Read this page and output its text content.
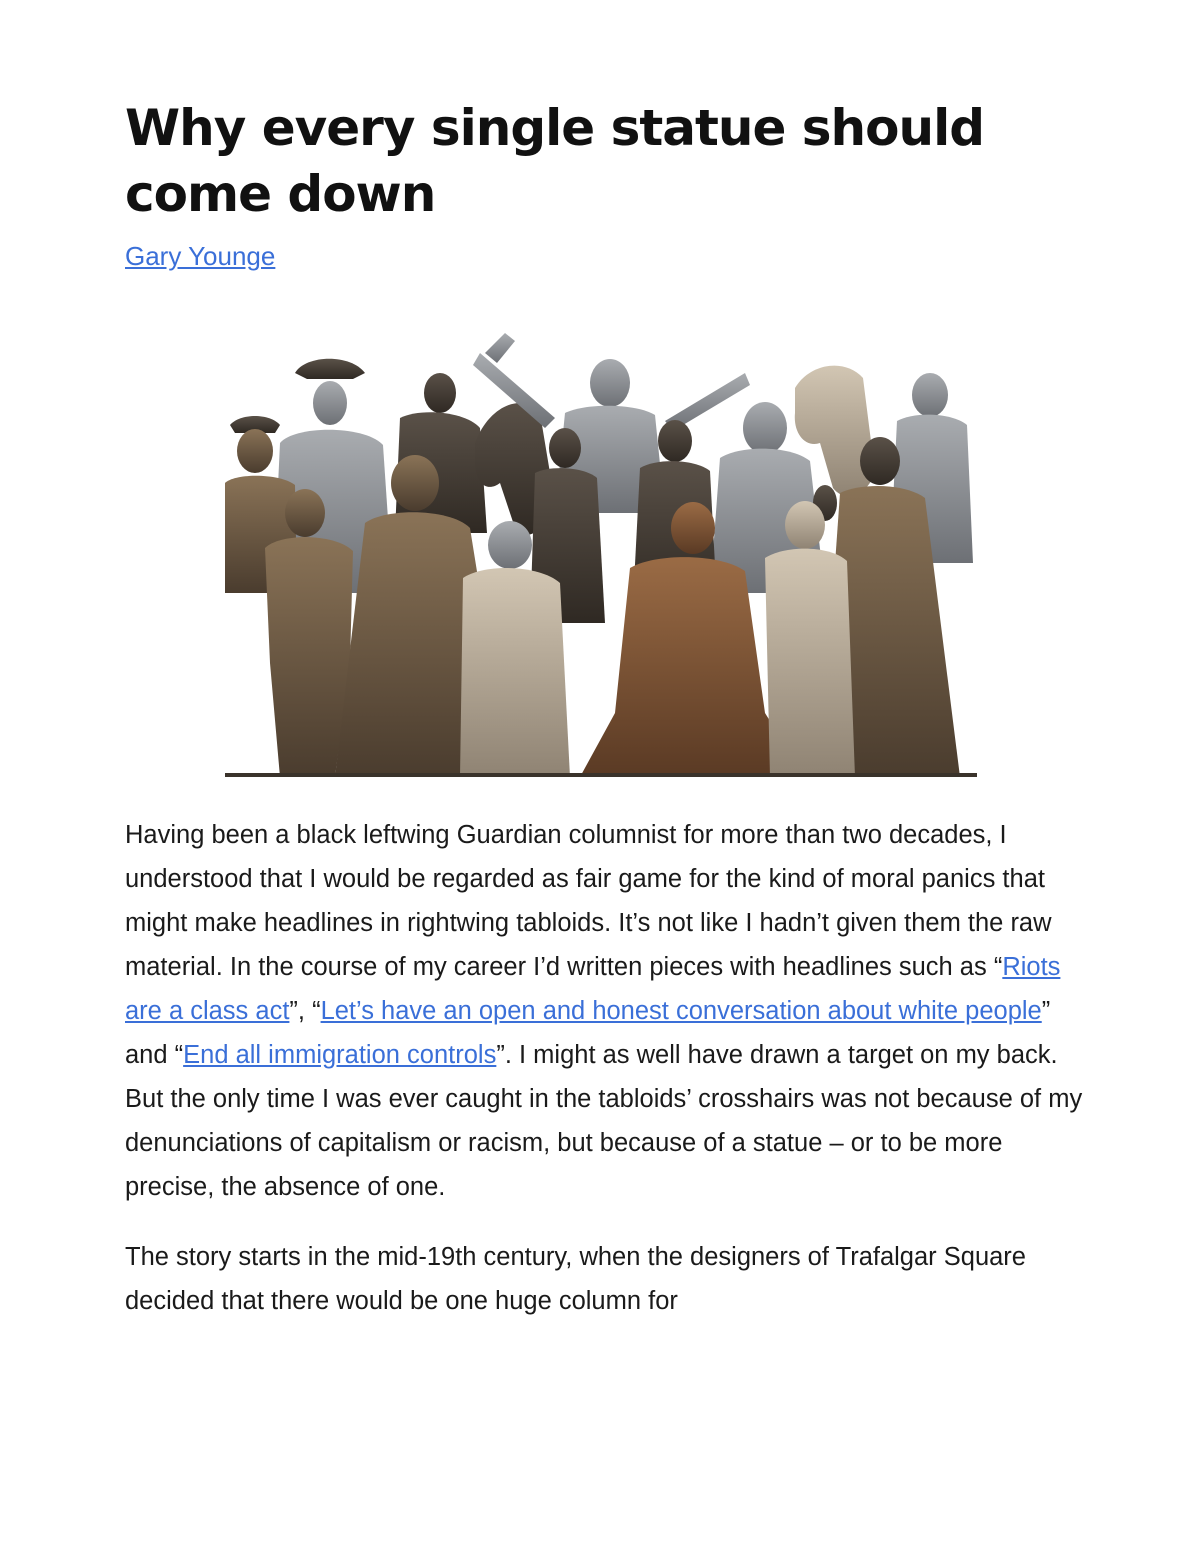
Why every single statue should come down
Gary Younge

Having been a black leftwing Guardian columnist for more than two decades, I understood that I would be regarded as fair game for the kind of moral panics that might make headlines in rightwing tabloids. It’s not like I hadn’t given them the raw material. In the course of my career I’d written pieces with headlines such as “Riots are a class act”, “Let’s have an open and honest conversation about white people” and “End all immigration controls”. I might as well have drawn a target on my back. But the only time I was ever caught in the tabloids’ crosshairs was not because of my denunciations of capitalism or racism, but because of a statue – or to be more precise, the absence of one.

The story starts in the mid-19th century, when the designers of Trafalgar Square decided that there would be one huge column for
